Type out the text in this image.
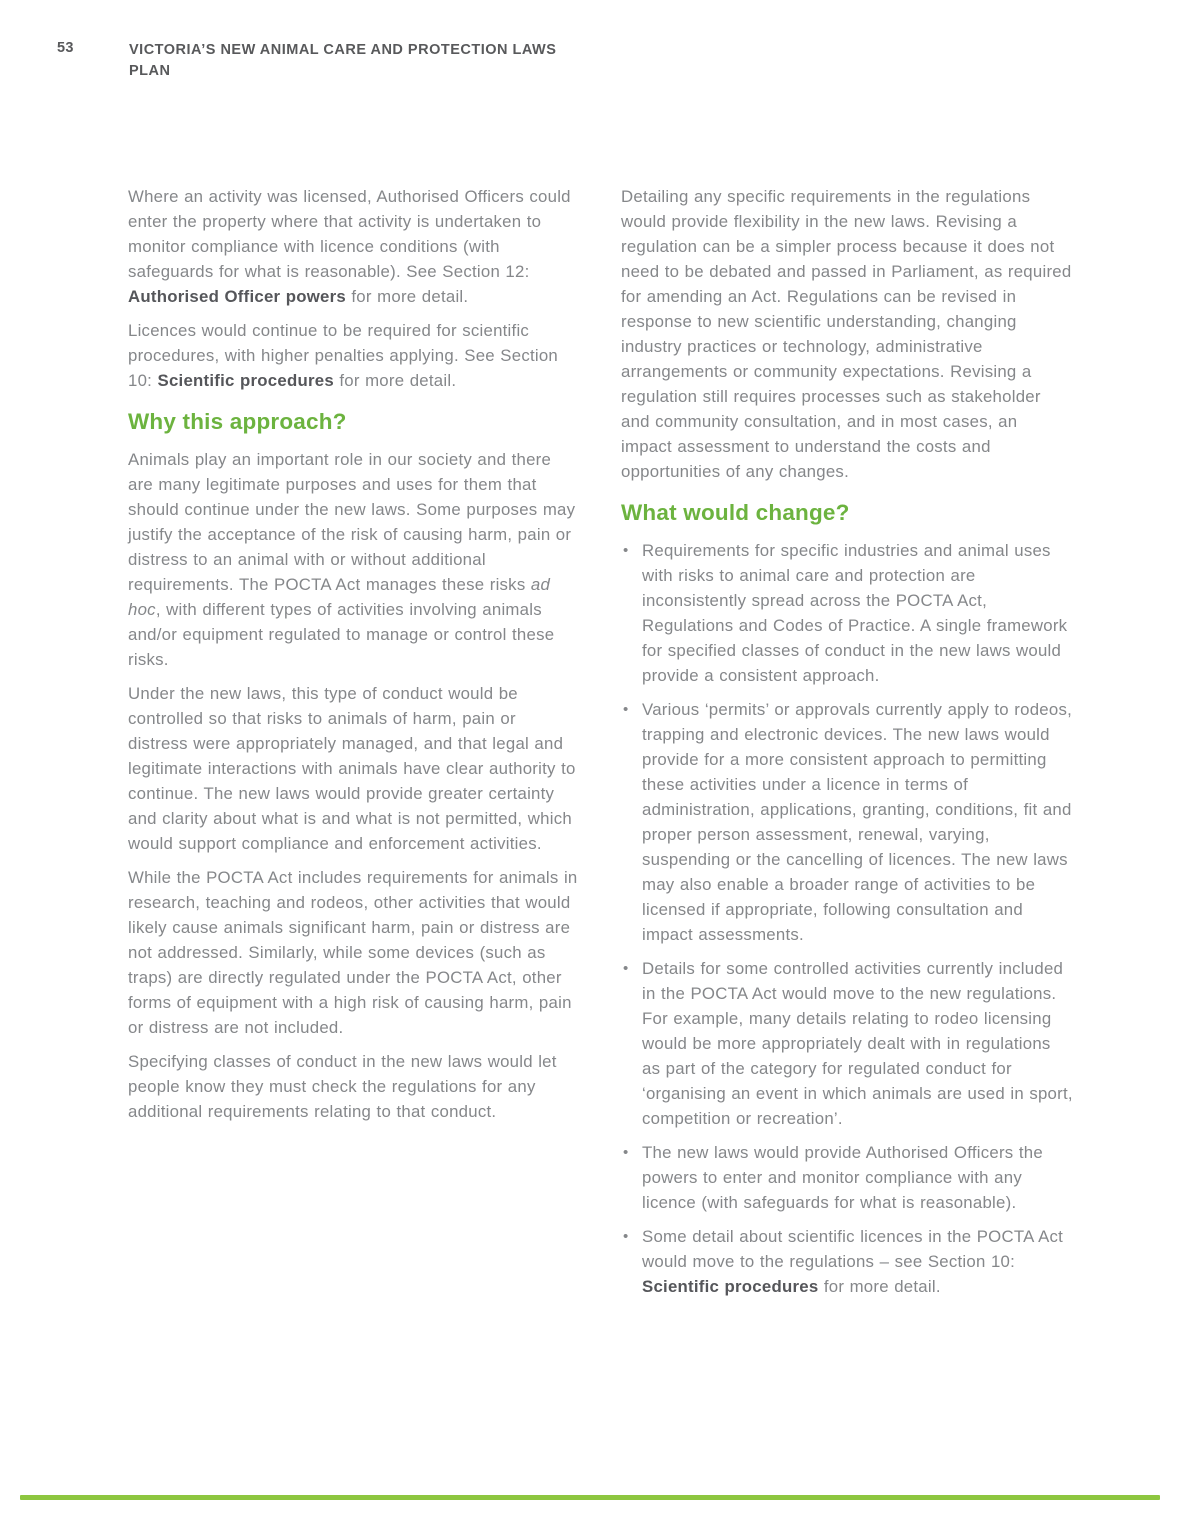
53	VICTORIA’S NEW ANIMAL CARE AND PROTECTION LAWS
PLAN

Where an activity was licensed, Authorised Officers could enter the property where that activity is undertaken to monitor compliance with licence conditions (with safeguards for what is reasonable). See Section 12: Authorised Officer powers for more detail.

Licences would continue to be required for scientific procedures, with higher penalties applying. See Section 10: Scientific procedures for more detail.

Why this approach?

Animals play an important role in our society and there are many legitimate purposes and uses for them that should continue under the new laws. Some purposes may justify the acceptance of the risk of causing harm, pain or distress to an animal with or without additional requirements. The POCTA Act manages these risks ad hoc, with different types of activities involving animals and/or equipment regulated to manage or control these risks.

Under the new laws, this type of conduct would be controlled so that risks to animals of harm, pain or distress were appropriately managed, and that legal and legitimate interactions with animals have clear authority to continue. The new laws would provide greater certainty and clarity about what is and what is not permitted, which would support compliance and enforcement activities.

While the POCTA Act includes requirements for animals in research, teaching and rodeos, other activities that would likely cause animals significant harm, pain or distress are not addressed. Similarly, while some devices (such as traps) are directly regulated under the POCTA Act, other forms of equipment with a high risk of causing harm, pain or distress are not included.

Specifying classes of conduct in the new laws would let people know they must check the regulations for any additional requirements relating to that conduct.

Detailing any specific requirements in the regulations would provide flexibility in the new laws. Revising a regulation can be a simpler process because it does not need to be debated and passed in Parliament, as required for amending an Act. Regulations can be revised in response to new scientific understanding, changing industry practices or technology, administrative arrangements or community expectations. Revising a regulation still requires processes such as stakeholder and community consultation, and in most cases, an impact assessment to understand the costs and opportunities of any changes.

What would change?
• Requirements for specific industries and animal uses with risks to animal care and protection are inconsistently spread across the POCTA Act, Regulations and Codes of Practice. A single framework for specified classes of conduct in the new laws would provide a consistent approach.
• Various ‘permits’ or approvals currently apply to rodeos, trapping and electronic devices. The new laws would provide for a more consistent approach to permitting these activities under a licence in terms of administration, applications, granting, conditions, fit and proper person assessment, renewal, varying, suspending or the cancelling of licences. The new laws may also enable a broader range of activities to be licensed if appropriate, following consultation and impact assessments.
• Details for some controlled activities currently included in the POCTA Act would move to the new regulations. For example, many details relating to rodeo licensing would be more appropriately dealt with in regulations as part of the category for regulated conduct for ‘organising an event in which animals are used in sport, competition or recreation’.
• The new laws would provide Authorised Officers the powers to enter and monitor compliance with any licence (with safeguards for what is reasonable).
• Some detail about scientific licences in the POCTA Act would move to the regulations – see Section 10: Scientific procedures for more detail.
